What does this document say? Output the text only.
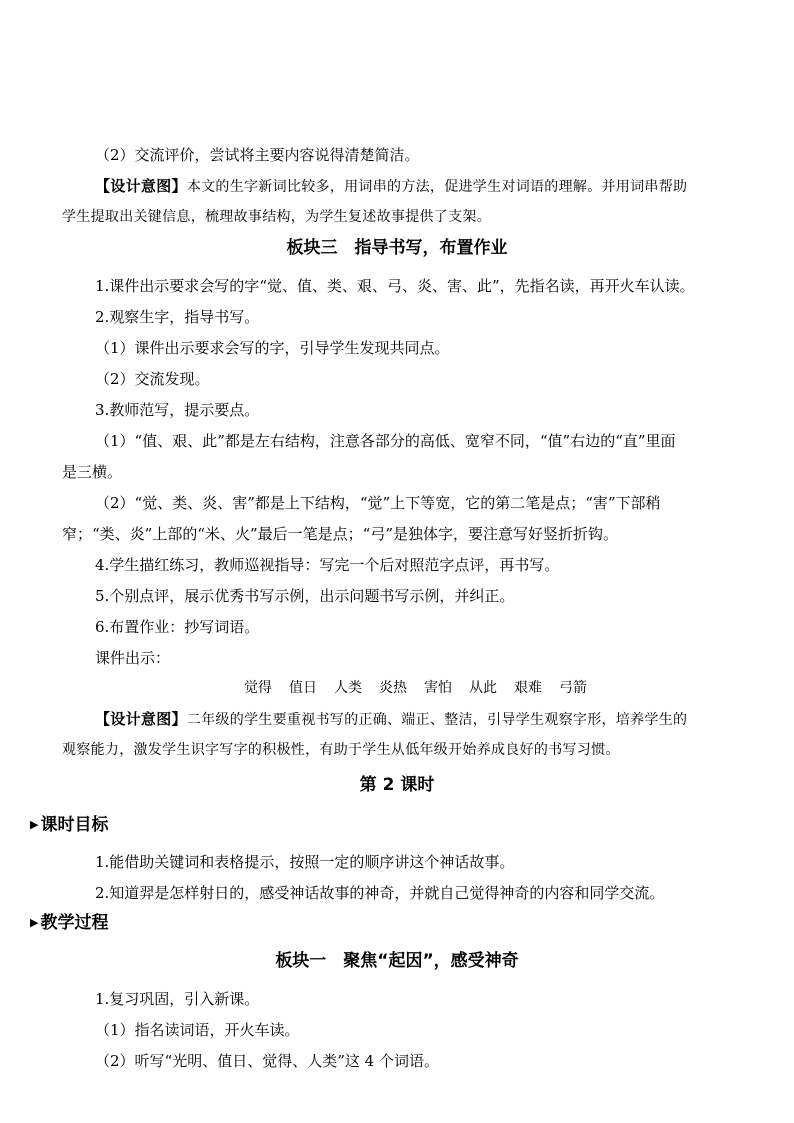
（2）交流评价，尝试将主要内容说得清楚简洁。
【设计意图】本文的生字新词比较多，用词串的方法，促进学生对词语的理解。并用词串帮助
学生提取出关键信息，梳理故事结构，为学生复述故事提供了支架。
板块三　指导书写，布置作业
1.课件出示要求会写的字“觉、值、类、艰、弓、炎、害、此”，先指名读，再开火车认读。
2.观察生字，指导书写。
（1）课件出示要求会写的字，引导学生发现共同点。
（2）交流发现。
3.教师范写，提示要点。
（1）“值、艰、此”都是左右结构，注意各部分的高低、宽窄不同，“值”右边的“直”里面
是三横。
（2）“觉、类、炎、害”都是上下结构，“觉”上下等宽，它的第二笔是点；“害”下部稍
窄；“类、炎”上部的“米、火”最后一笔是点；“弓”是独体字，要注意写好竖折折钩。
4.学生描红练习，教师巡视指导：写完一个后对照范字点评，再书写。
5.个别点评，展示优秀书写示例，出示问题书写示例，并纠正。
6.布置作业：抄写词语。
课件出示：
觉得 值日 人类 炎热 害怕 从此 艰难 弓箭
【设计意图】二年级的学生要重视书写的正确、端正、整洁，引导学生观察字形，培养学生的
观察能力，激发学生识字写字的积极性，有助于学生从低年级开始养成良好的书写习惯。
第 2 课时
▶ 课时目标
1.能借助关键词和表格提示，按照一定的顺序讲这个神话故事。
2.知道羿是怎样射日的，感受神话故事的神奇，并就自己觉得神奇的内容和同学交流。
▶ 教学过程
板块一　聚焦“起因”，感受神奇
1.复习巩固，引入新课。
（1）指名读词语，开火车读。
（2）听写“光明、值日、觉得、人类”这 4 个词语。
